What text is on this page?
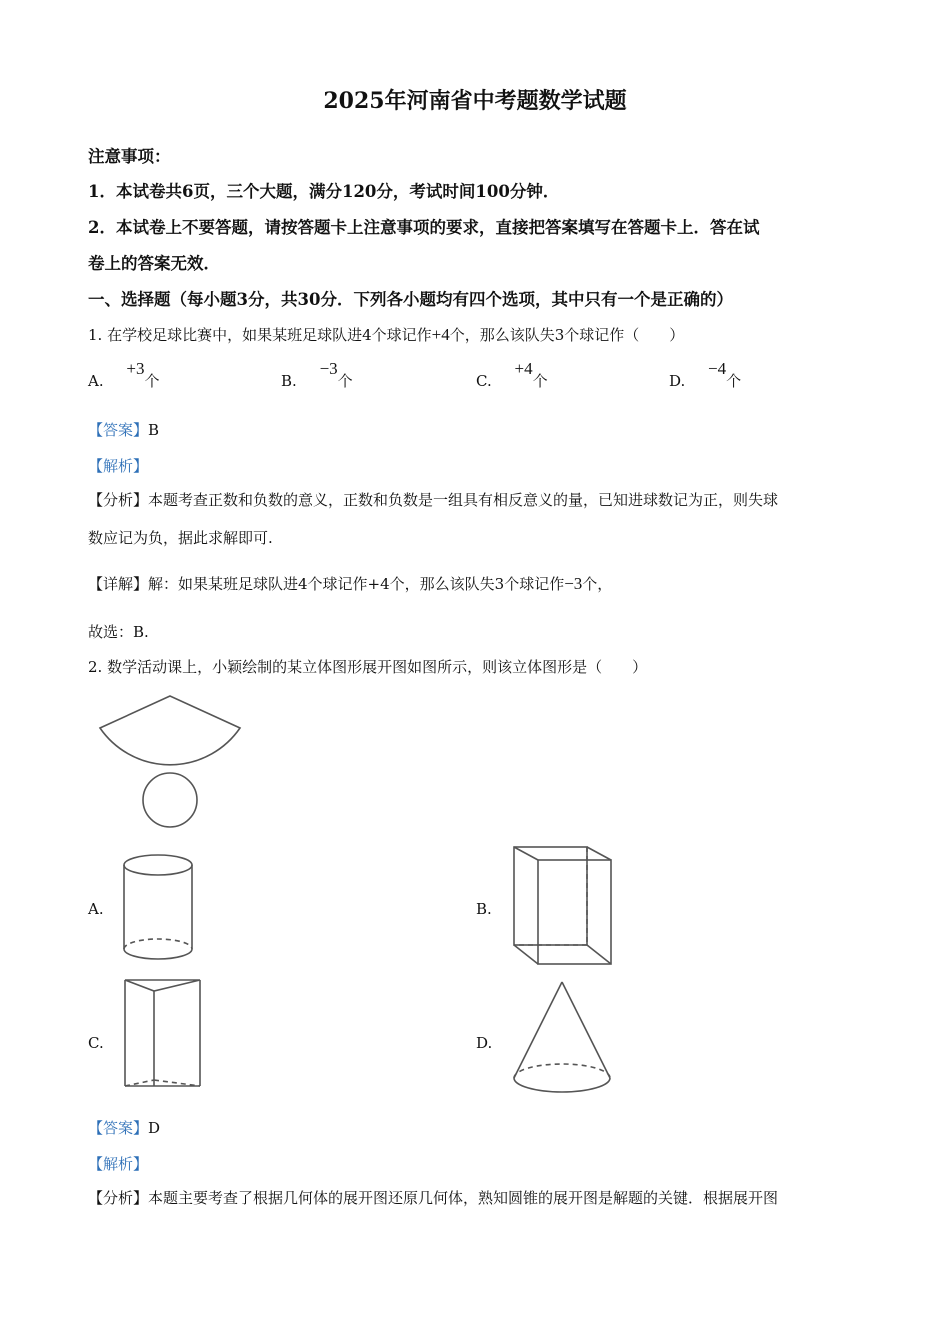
2025年河南省中考题数学试题
注意事项：
1．本试卷共6页，三个大题，满分120分，考试时间100分钟．
2．本试卷上不要答题，请按答题卡上注意事项的要求，直接把答案填写在答题卡上．答在试
卷上的答案无效．
一、选择题（每小题3分，共30分．下列各小题均有四个选项，其中只有一个是正确的）
1. 在学校足球比赛中，如果某班足球队进4个球记作+4个，那么该队失3个球记作（　　）
A. +3个	B. −3个	C. +4个	D. −4个
【答案】B
【解析】
【分析】本题考查正数和负数的意义，正数和负数是一组具有相反意义的量，已知进球数记为正，则失球
数应记为负，据此求解即可.
【详解】解：如果某班足球队进4个球记作+4个，那么该队失3个球记作−3个，
故选：B.
2. 数学活动课上，小颖绘制的某立体图形展开图如图所示，则该立体图形是（　　）
A.	B.
C.	D.
【答案】D
【解析】
【分析】本题主要考查了根据几何体的展开图还原几何体，熟知圆锥的展开图是解题的关键．根据展开图
